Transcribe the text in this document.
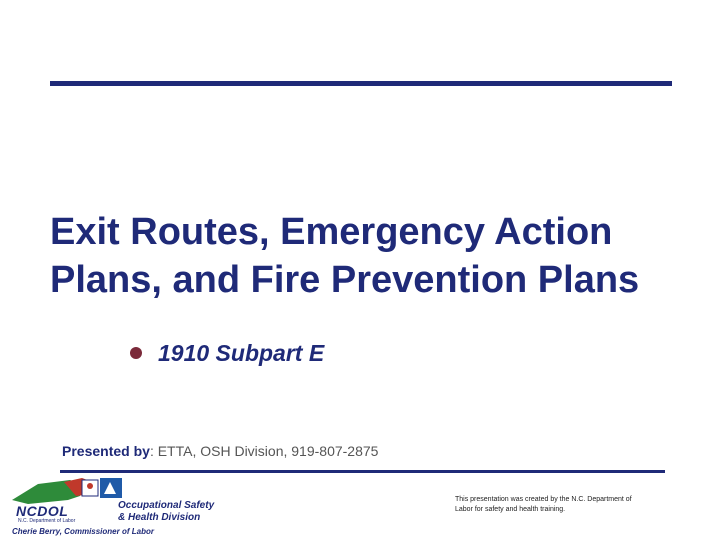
Exit Routes, Emergency Action
Plans, and Fire Prevention Plans
1910 Subpart E
Presented by: ETTA, OSH Division, 919-807-2875
NCDOL
N.C. Department of Labor
Occupational Safety
& Health Division
Cherie Berry, Commissioner of Labor
This presentation was created by the N.C. Department of
Labor for safety and health training.
